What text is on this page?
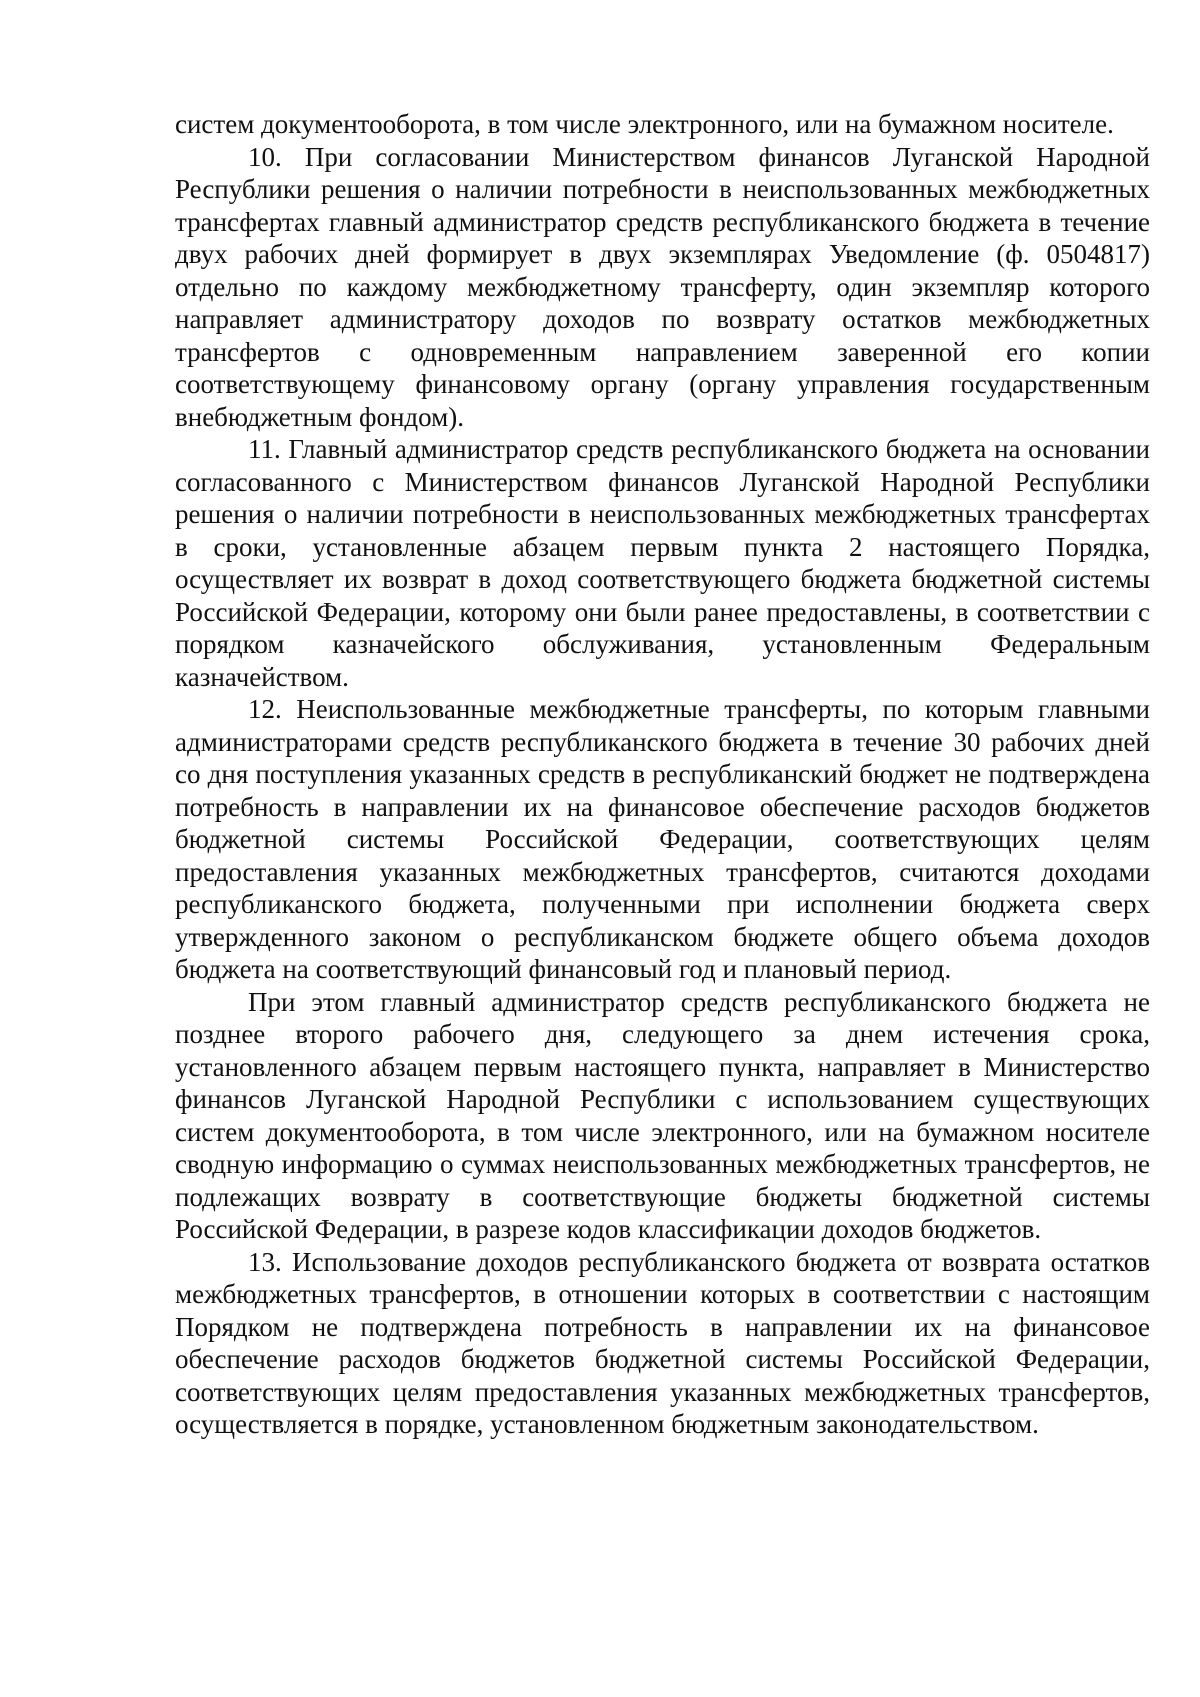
систем документооборота, в том числе электронного, или на бумажном носителе.

10. При согласовании Министерством финансов Луганской Народной Республики решения о наличии потребности в неиспользованных межбюджетных трансфертах главный администратор средств республиканского бюджета в течение двух рабочих дней формирует в двух экземплярах Уведомление (ф. 0504817) отдельно по каждому межбюджетному трансферту, один экземпляр которого направляет администратору доходов по возврату остатков межбюджетных трансфертов с одновременным направлением заверенной его копии соответствующему финансовому органу (органу управления государственным внебюджетным фондом).

11. Главный администратор средств республиканского бюджета на основании согласованного с Министерством финансов Луганской Народной Республики решения о наличии потребности в неиспользованных межбюджетных трансфертах в сроки, установленные абзацем первым пункта 2 настоящего Порядка, осуществляет их возврат в доход соответствующего бюджета бюджетной системы Российской Федерации, которому они были ранее предоставлены, в соответствии с порядком казначейского обслуживания, установленным Федеральным казначейством.

12. Неиспользованные межбюджетные трансферты, по которым главными администраторами средств республиканского бюджета в течение 30 рабочих дней со дня поступления указанных средств в республиканский бюджет не подтверждена потребность в направлении их на финансовое обеспечение расходов бюджетов бюджетной системы Российской Федерации, соответствующих целям предоставления указанных межбюджетных трансфертов, считаются доходами республиканского бюджета, полученными при исполнении бюджета сверх утвержденного законом о республиканском бюджете общего объема доходов бюджета на соответствующий финансовый год и плановый период.

При этом главный администратор средств республиканского бюджета не позднее второго рабочего дня, следующего за днем истечения срока, установленного абзацем первым настоящего пункта, направляет в Министерство финансов Луганской Народной Республики с использованием существующих систем документооборота, в том числе электронного, или на бумажном носителе сводную информацию о суммах неиспользованных межбюджетных трансфертов, не подлежащих возврату в соответствующие бюджеты бюджетной системы Российской Федерации, в разрезе кодов классификации доходов бюджетов.

13. Использование доходов республиканского бюджета от возврата остатков межбюджетных трансфертов, в отношении которых в соответствии с настоящим Порядком не подтверждена потребность в направлении их на финансовое обеспечение расходов бюджетов бюджетной системы Российской Федерации, соответствующих целям предоставления указанных межбюджетных трансфертов, осуществляется в порядке, установленном бюджетным законодательством.
